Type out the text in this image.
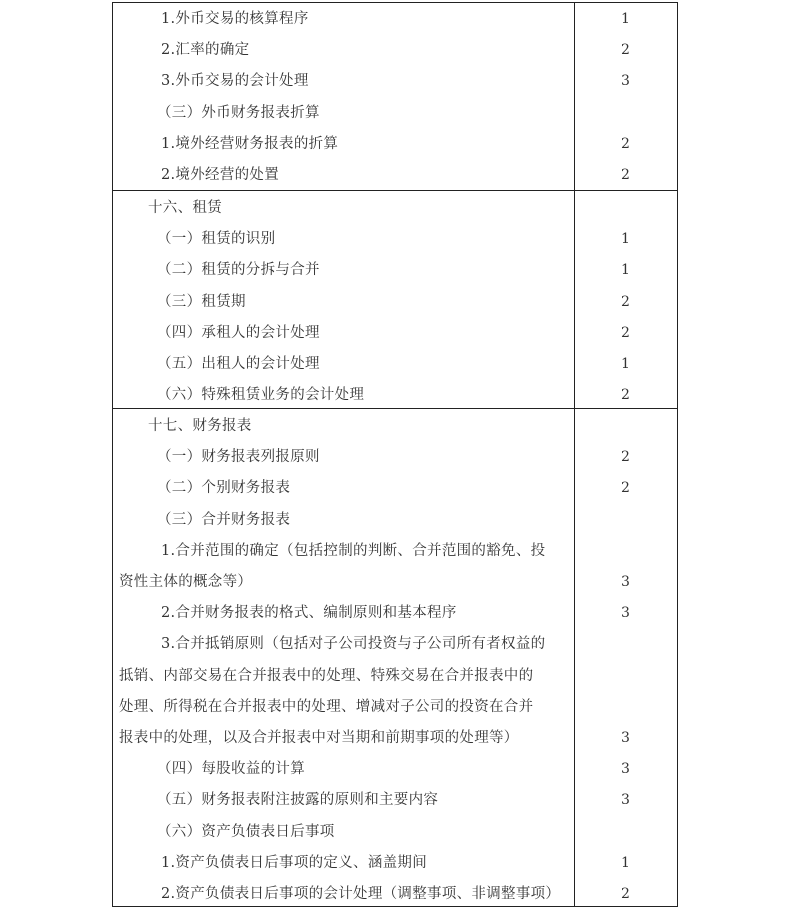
1.外币交易的核算程序	1
2.汇率的确定	2
3.外币交易的会计处理	3
（三）外币财务报表折算
1.境外经营财务报表的折算	2
2.境外经营的处置	2
十六、租赁
（一）租赁的识别	1
（二）租赁的分拆与合并	1
（三）租赁期	2
（四）承租人的会计处理	2
（五）出租人的会计处理	1
（六）特殊租赁业务的会计处理	2
十七、财务报表
（一）财务报表列报原则	2
（二）个别财务报表	2
（三）合并财务报表
1.合并范围的确定（包括控制的判断、合并范围的豁免、投
资性主体的概念等）	3
2.合并财务报表的格式、编制原则和基本程序	3
3.合并抵销原则（包括对子公司投资与子公司所有者权益的
抵销、内部交易在合并报表中的处理、特殊交易在合并报表中的
处理、所得税在合并报表中的处理、增减对子公司的投资在合并
报表中的处理，以及合并报表中对当期和前期事项的处理等）	3
（四）每股收益的计算	3
（五）财务报表附注披露的原则和主要内容	3
（六）资产负债表日后事项
1.资产负债表日后事项的定义、涵盖期间	1
2.资产负债表日后事项的会计处理（调整事项、非调整事项）	2
